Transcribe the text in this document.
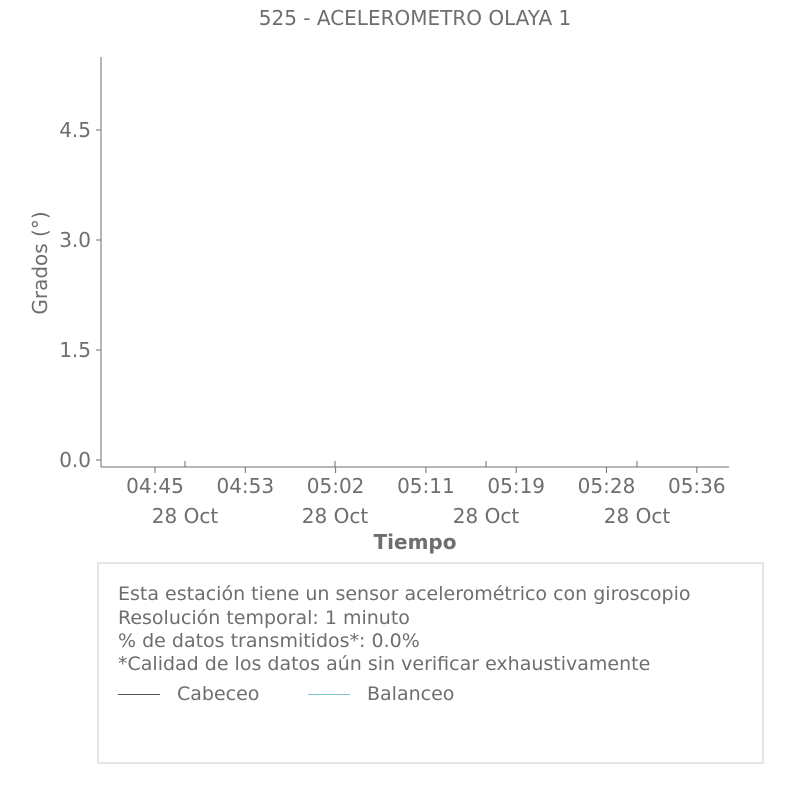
525 - ACELEROMETRO OLAYA 1
0.0
1.5
3.0
4.5
04:45 04:53 05:02 05:11 05:19 05:28 05:36
28 Oct	28 Oct	28 Oct	28 Oct
Grados (°)
Tiempo
Esta estación tiene un sensor acelerométrico con giroscopio
Resolución temporal: 1 minuto
% de datos transmitidos*: 0.0%
*Calidad de los datos aún sin verificar exhaustivamente
Cabeceo	Balanceo
